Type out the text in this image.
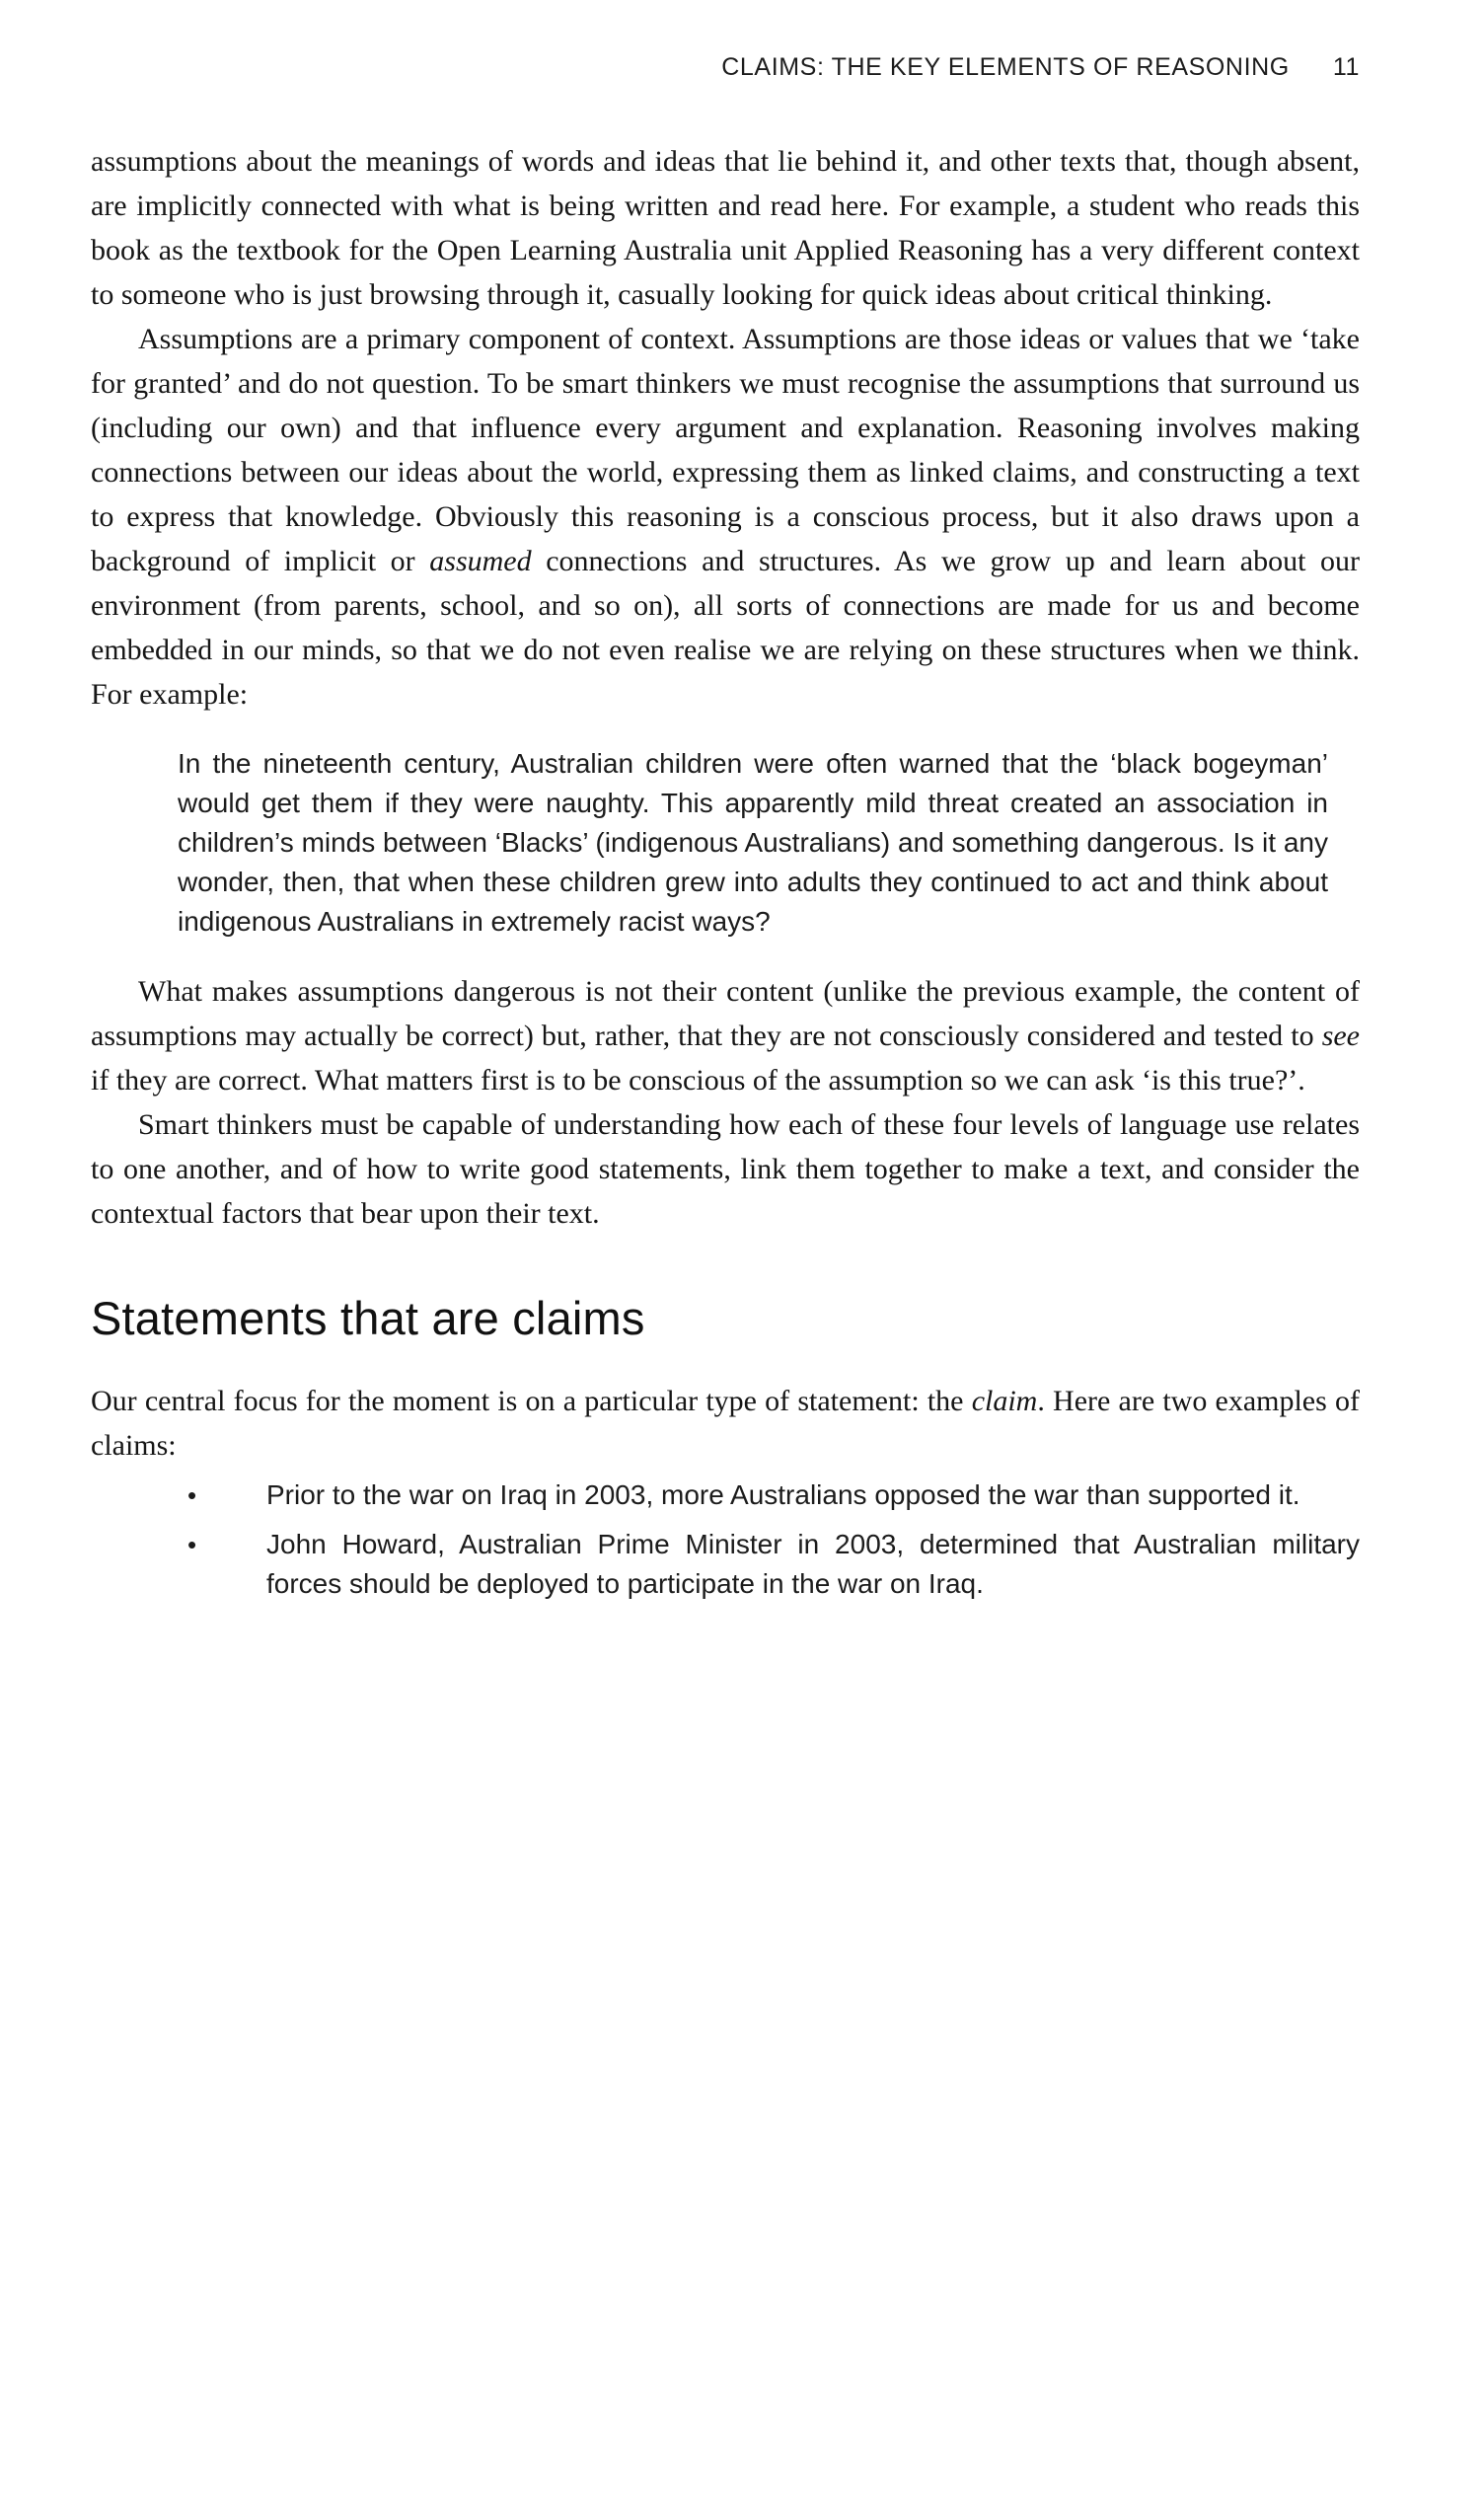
CLAIMS: THE KEY ELEMENTS OF REASONING 11

assumptions about the meanings of words and ideas that lie behind it, and other texts that, though absent, are implicitly connected with what is being written and read here. For example, a student who reads this book as the textbook for the Open Learning Australia unit Applied Reasoning has a very different context to someone who is just browsing through it, casually looking for quick ideas about critical thinking.

Assumptions are a primary component of context. Assumptions are those ideas or values that we ‘take for granted’ and do not question. To be smart thinkers we must recognise the assumptions that surround us (including our own) and that influence every argument and explanation. Reasoning involves making connections between our ideas about the world, expressing them as linked claims, and constructing a text to express that knowledge. Obviously this reasoning is a conscious process, but it also draws upon a background of implicit or assumed connections and structures. As we grow up and learn about our environment (from parents, school, and so on), all sorts of connections are made for us and become embedded in our minds, so that we do not even realise we are relying on these structures when we think. For example:

In the nineteenth century, Australian children were often warned that the ‘black bogeyman’ would get them if they were naughty. This apparently mild threat created an association in children’s minds between ‘Blacks’ (indigenous Australians) and something dangerous. Is it any wonder, then, that when these children grew into adults they continued to act and think about indigenous Australians in extremely racist ways?

What makes assumptions dangerous is not their content (unlike the previous example, the content of assumptions may actually be correct) but, rather, that they are not consciously considered and tested to see if they are correct. What matters first is to be conscious of the assumption so we can ask ‘is this true?’.

Smart thinkers must be capable of understanding how each of these four levels of language use relates to one another, and of how to write good statements, link them together to make a text, and consider the contextual factors that bear upon their text.

Statements that are claims

Our central focus for the moment is on a particular type of statement: the claim. Here are two examples of claims:

•	Prior to the war on Iraq in 2003, more Australians opposed the war than supported it.
•	John Howard, Australian Prime Minister in 2003, determined that Australian military forces should be deployed to participate in the war on Iraq.
